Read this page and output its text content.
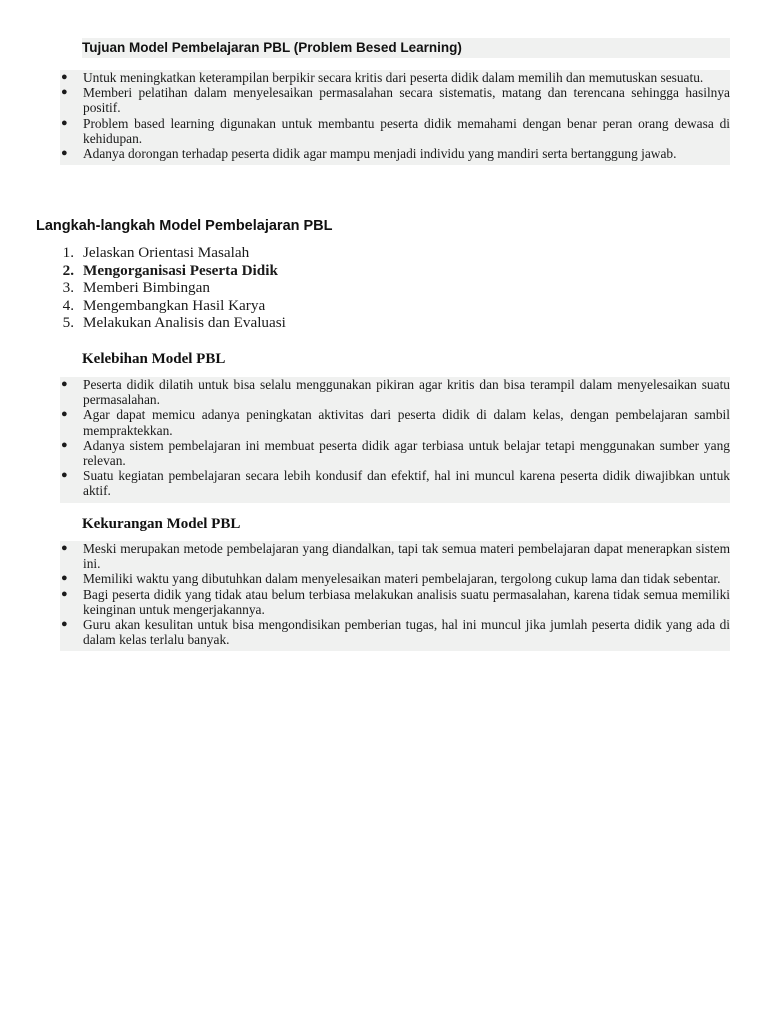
Tujuan Model Pembelajaran PBL (Problem Besed Learning)
● Untuk meningkatkan keterampilan berpikir secara kritis dari peserta didik dalam memilih dan memutuskan sesuatu.
● Memberi pelatihan dalam menyelesaikan permasalahan secara sistematis, matang dan terencana sehingga hasilnya positif.
● Problem based learning digunakan untuk membantu peserta didik memahami dengan benar peran orang dewasa di kehidupan.
● Adanya dorongan terhadap peserta didik agar mampu menjadi individu yang mandiri serta bertanggung jawab.
Langkah-langkah Model Pembelajaran PBL
1. Jelaskan Orientasi Masalah
2. Mengorganisasi Peserta Didik
3. Memberi Bimbingan
4. Mengembangkan Hasil Karya
5. Melakukan Analisis dan Evaluasi
Kelebihan Model PBL
● Peserta didik dilatih untuk bisa selalu menggunakan pikiran agar kritis dan bisa terampil dalam menyelesaikan suatu permasalahan.
● Agar dapat memicu adanya peningkatan aktivitas dari peserta didik di dalam kelas, dengan pembelajaran sambil mempraktekkan.
● Adanya sistem pembelajaran ini membuat peserta didik agar terbiasa untuk belajar tetapi menggunakan sumber yang relevan.
● Suatu kegiatan pembelajaran secara lebih kondusif dan efektif, hal ini muncul karena peserta didik diwajibkan untuk aktif.
Kekurangan Model PBL
● Meski merupakan metode pembelajaran yang diandalkan, tapi tak semua materi pembelajaran dapat menerapkan sistem ini.
● Memiliki waktu yang dibutuhkan dalam menyelesaikan materi pembelajaran, tergolong cukup lama dan tidak sebentar.
● Bagi peserta didik yang tidak atau belum terbiasa melakukan analisis suatu permasalahan, karena tidak semua memiliki keinginan untuk mengerjakannya.
● Guru akan kesulitan untuk bisa mengondisikan pemberian tugas, hal ini muncul jika jumlah peserta didik yang ada di dalam kelas terlalu banyak.
